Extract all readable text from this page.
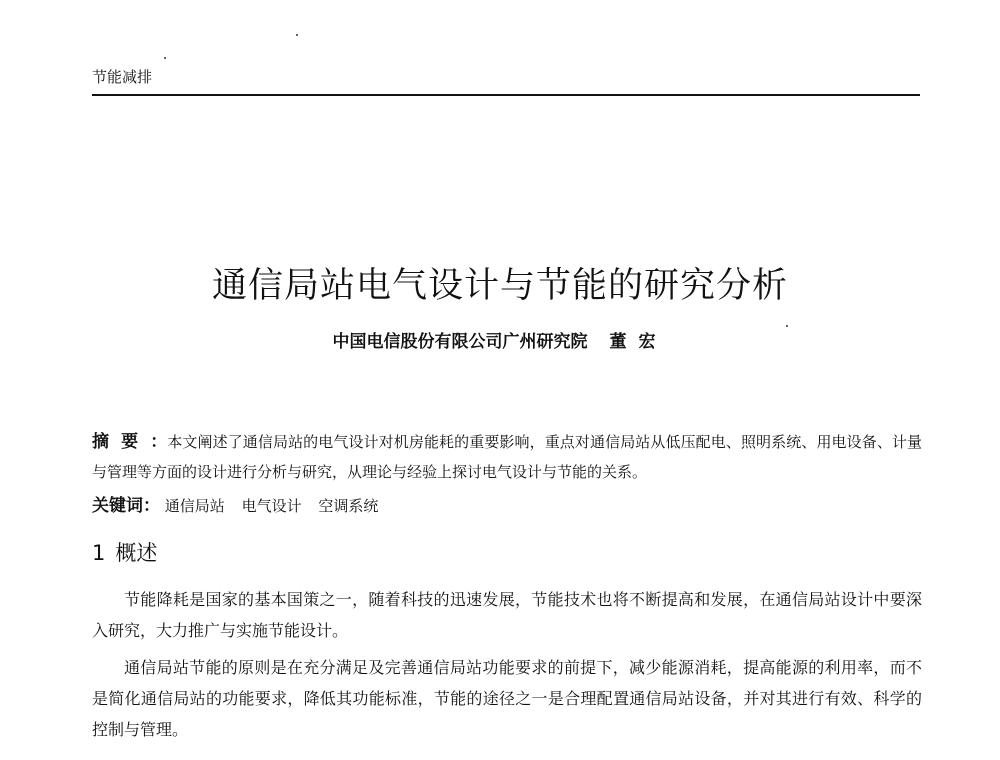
节能减排
通信局站电气设计与节能的研究分析
中国电信股份有限公司广州研究院 董宏
摘要：本文阐述了通信局站的电气设计对机房能耗的重要影响，重点对通信局站从低压配电、照明系统、用电设备、计量与管理等方面的设计进行分析与研究，从理论与经验上探讨电气设计与节能的关系。
关键词： 通信局站 电气设计 空调系统
1 概述

节能降耗是国家的基本国策之一，随着科技的迅速发展，节能技术也将不断提高和发展，在通信局站设计中要深入研究，大力推广与实施节能设计。

通信局站节能的原则是在充分满足及完善通信局站功能要求的前提下，减少能源消耗，提高能源的利用率，而不是简化通信局站的功能要求，降低其功能标准，节能的途径之一是合理配置通信局站设备，并对其进行有效、科学的控制与管理。
